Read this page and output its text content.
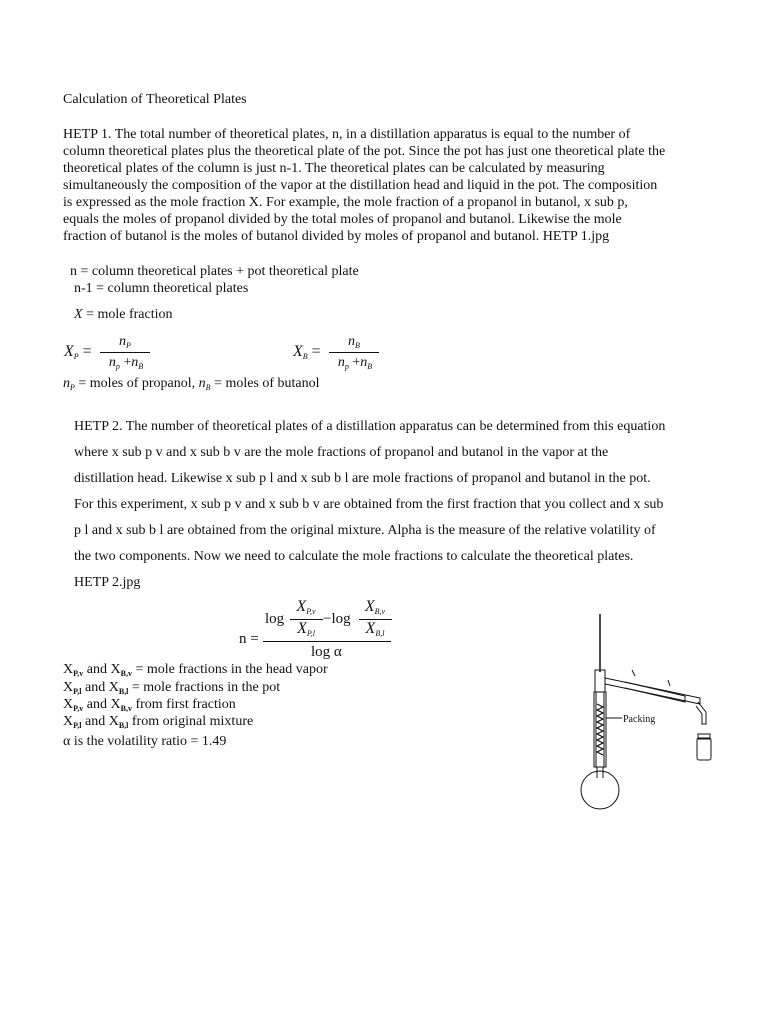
Calculation of Theoretical Plates
HETP 1. The total number of theoretical plates, n, in a distillation apparatus is equal to the number of
column theoretical plates plus the theoretical plate of the pot. Since the pot has just one theoretical plate the
theoretical plates of the column is just n-1. The theoretical plates can be calculated by measuring
simultaneously the composition of the vapor at the distillation head and liquid in the pot. The composition
is expressed as the mole fraction X. For example, the mole fraction of a propanol in butanol, x sub p,
equals the moles of propanol divided by the total moles of propanol and butanol. Likewise the mole
fraction of butanol is the moles of butanol divided by moles of propanol and butanol. HETP 1.jpg
n = column theoretical plates + pot theoretical plate
n-1 = column theoretical plates
X = mole fraction
$X_P$ =
$n_P$
$n_p +n_B$
$X_B$ =
$n_B$
$n_p +n_B$
$n_P$ = moles of propanol, $n_B$ = moles of butanol
HETP 2. The number of theoretical plates of a distillation apparatus can be determined from this equation
where x sub p v and x sub b v are the mole fractions of propanol and butanol in the vapor at the
distillation head. Likewise x sub p l and x sub b l are mole fractions of propanol and butanol in the pot.
For this experiment, x sub p v and x sub b v are obtained from the first fraction that you collect and x sub
p l and x sub b l are obtained from the original mixture. Alpha is the measure of the relative volatility of
the two components. Now we need to calculate the mole fractions to calculate the theoretical plates.
HETP 2.jpg
n =
log
$X_{P,v}$
$X_{P,l}$
−log
$X_{B,v}$
$X_{B,l}$
log α
$X_{P,v}$ and $X_{B,v}$ = mole fractions in the head vapor
$X_{P,l}$ and $X_{B,l}$ = mole fractions in the pot
$X_{P,v}$ and $X_{B,v}$ from first fraction
$X_{P,l}$ and $X_{B,l}$ from original mixture
α is the volatility ratio = 1.49
Packing
